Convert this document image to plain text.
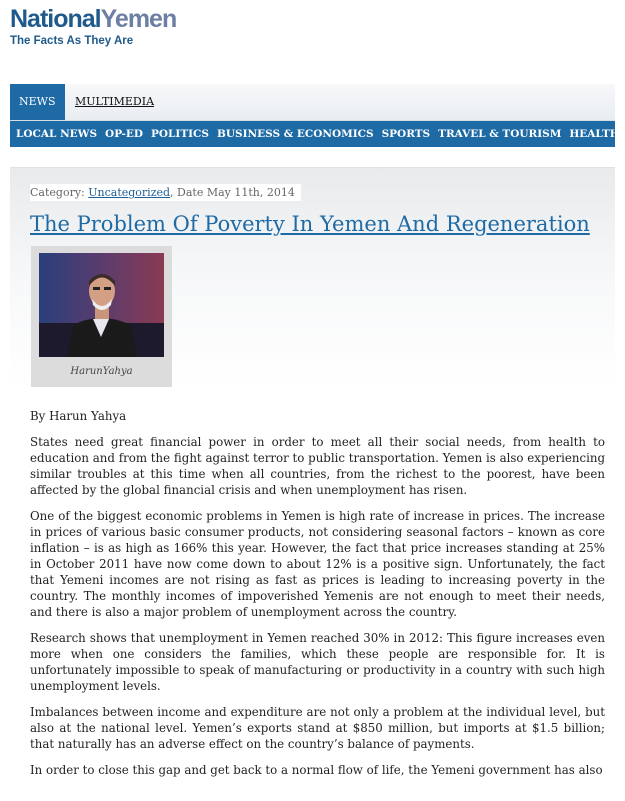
NationalYemen
The Facts As They Are
NEWS	MULTIMEDIA
LOCAL NEWS OP-ED POLITICS BUSINESS & ECONOMICS SPORTS TRAVEL & TOURISM HEALTH
Category: Uncategorized, Date May 11th, 2014
The Problem Of Poverty In Yemen And Regeneration
HarunYahya

By Harun Yahya

States need great financial power in order to meet all their social needs, from health to education and from the fight against terror to public transportation. Yemen is also experiencing similar troubles at this time when all countries, from the richest to the poorest, have been affected by the global financial crisis and when unemployment has risen.

One of the biggest economic problems in Yemen is high rate of increase in prices. The increase in prices of various basic consumer products, not considering seasonal factors – known as core inflation – is as high as 166% this year. However, the fact that price increases standing at 25% in October 2011 have now come down to about 12% is a positive sign. Unfortunately, the fact that Yemeni incomes are not rising as fast as prices is leading to increasing poverty in the country. The monthly incomes of impoverished Yemenis are not enough to meet their needs, and there is also a major problem of unemployment across the country.

Research shows that unemployment in Yemen reached 30% in 2012: This figure increases even more when one considers the families, which these people are responsible for. It is unfortunately impossible to speak of manufacturing or productivity in a country with such high unemployment levels.

Imbalances between income and expenditure are not only a problem at the individual level, but also at the national level. Yemen’s exports stand at $850 million, but imports at $1.5 billion; that naturally has an adverse effect on the country’s balance of payments.

In order to close this gap and get back to a normal flow of life, the Yemeni government has also
